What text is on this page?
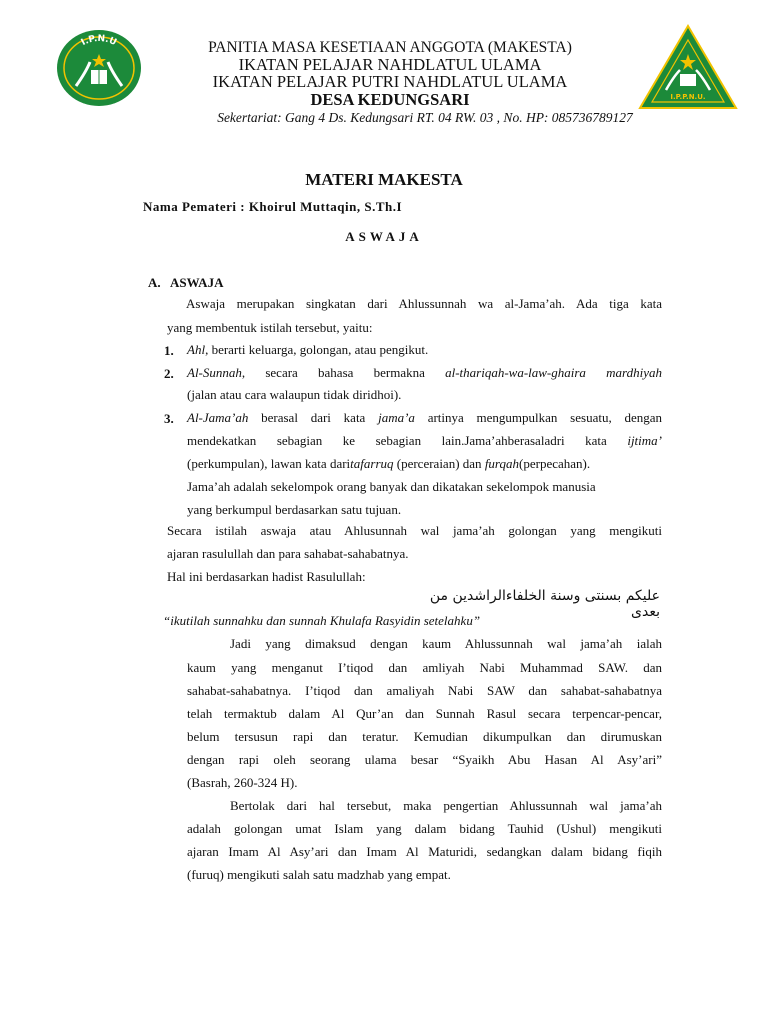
I.P.N.U	PANITIA MASA KESETIAAN ANGGOTA (MAKESTA)
IKATAN PELAJAR NAHDLATUL ULAMA
IKATAN PELAJAR PUTRI NAHDLATUL ULAMA
DESA KEDUNGSARI
Sekertariat: Gang 4 Ds. Kedungsari RT. 04 RW. 03 , No. HP: 085736789127
I.P.P.N.U.
MATERI MAKESTA
Nama Pemateri : Khoirul Muttaqin, S.Th.I
ASWAJA
A. ASWAJA
Aswaja merupakan singkatan dari Ahlussunnah wa al-Jama’ah. Ada tiga kata
yang membentuk istilah tersebut, yaitu:
1. Ahl, berarti keluarga, golongan, atau pengikut.
2. Al-Sunnah, secara bahasa bermakna al-thariqah-wa-law-ghaira mardhiyah
(jalan atau cara walaupun tidak diridhoi).
3. Al-Jama’ah berasal dari kata jama’a artinya mengumpulkan sesuatu, dengan
mendekatkan sebagian ke sebagian lain.Jama’ahberasaladri kata ijtima’
(perkumpulan), lawan kata daritafarruq (perceraian) dan furqah(perpecahan).
Jama’ah adalah sekelompok orang banyak dan dikatakan sekelompok manusia
yang berkumpul berdasarkan satu tujuan.
Secara istilah aswaja atau Ahlusunnah wal jama’ah golongan yang mengikuti
ajaran rasulullah dan para sahabat-sahabatnya.
Hal ini berdasarkan hadist Rasulullah:
عليكم بسنتى وسنة الخلفاءالراشدين من بعدى
“ikutilah sunnahku dan sunnah Khulafa Rasyidin setelahku”
Jadi yang dimaksud dengan kaum Ahlussunnah wal jama’ah ialah
kaum yang menganut I’tiqod dan amliyah Nabi Muhammad SAW. dan
sahabat-sahabatnya. I’tiqod dan amaliyah Nabi SAW dan sahabat-sahabatnya
telah termaktub dalam Al Qur’an dan Sunnah Rasul secara terpencar-pencar,
belum tersusun rapi dan teratur. Kemudian dikumpulkan dan dirumuskan
dengan rapi oleh seorang ulama besar “Syaikh Abu Hasan Al Asy’ari”
(Basrah, 260-324 H).
Bertolak dari hal tersebut, maka pengertian Ahlussunnah wal jama’ah
adalah golongan umat Islam yang dalam bidang Tauhid (Ushul) mengikuti
ajaran Imam Al Asy’ari dan Imam Al Maturidi, sedangkan dalam bidang fiqih
(furuq) mengikuti salah satu madzhab yang empat.
